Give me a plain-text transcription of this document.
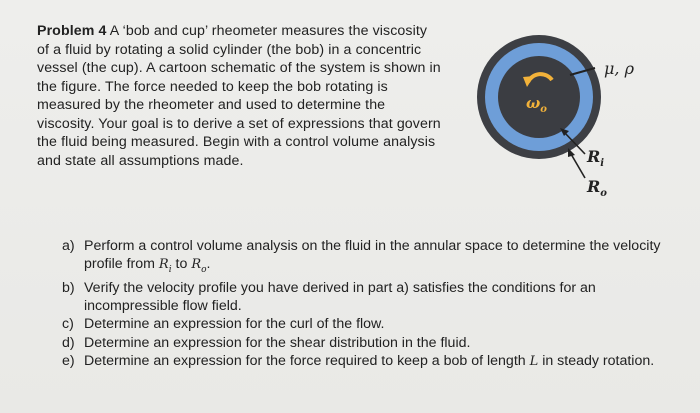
Problem 4 A ‘bob and cup’ rheometer measures the viscosity of a fluid by rotating a solid cylinder (the bob) in a concentric vessel (the cup). A cartoon schematic of the system is shown in the figure. The force needed to keep the bob rotating is measured by the rheometer and used to determine the viscosity. Your goal is to derive a set of expressions that govern the fluid being measured. Begin with a control volume analysis and state all assumptions made.
$\omega_o$
μ, ρ
$R_i$
$R_o$
a) Perform a control volume analysis on the fluid in the annular space to determine the velocity profile from $R_i$ to $R_o$.
b) Verify the velocity profile you have derived in part a) satisfies the conditions for an incompressible flow field.
c) Determine an expression for the curl of the flow.
d) Determine an expression for the shear distribution in the fluid.
e) Determine an expression for the force required to keep a bob of length L in steady rotation.
